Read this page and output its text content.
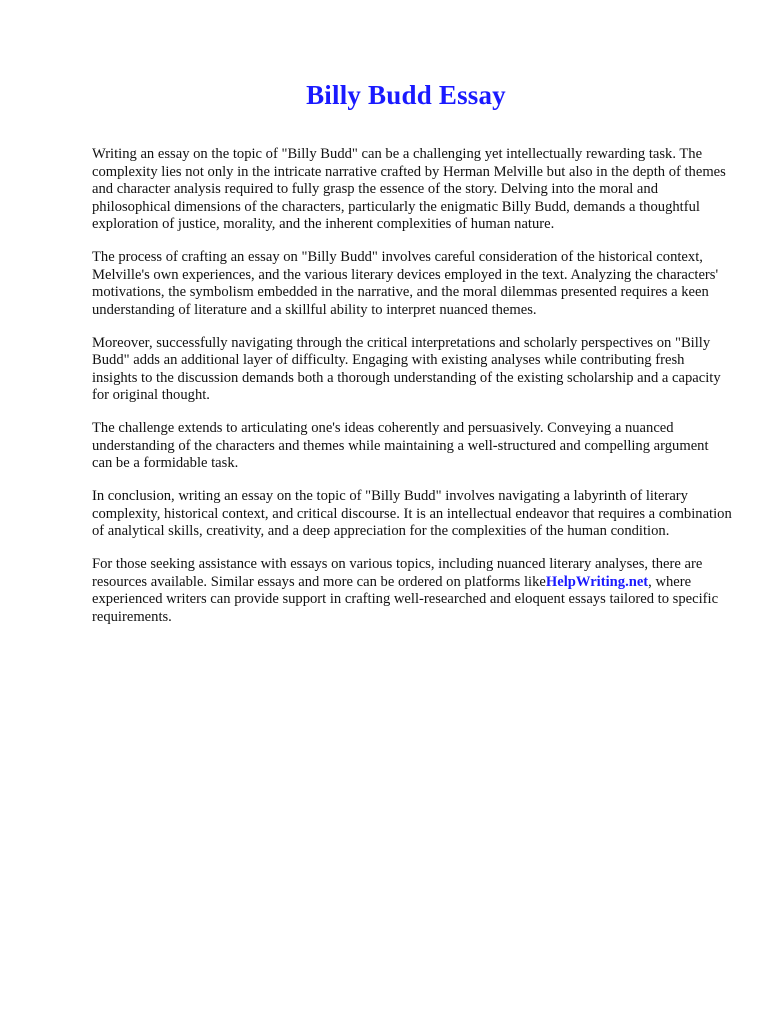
Billy Budd Essay

Writing an essay on the topic of "Billy Budd" can be a challenging yet intellectually rewarding task. The complexity lies not only in the intricate narrative crafted by Herman Melville but also in the depth of themes and character analysis required to fully grasp the essence of the story. Delving into the moral and philosophical dimensions of the characters, particularly the enigmatic Billy Budd, demands a thoughtful exploration of justice, morality, and the inherent complexities of human nature.

The process of crafting an essay on "Billy Budd" involves careful consideration of the historical context, Melville's own experiences, and the various literary devices employed in the text. Analyzing the characters' motivations, the symbolism embedded in the narrative, and the moral dilemmas presented requires a keen understanding of literature and a skillful ability to interpret nuanced themes.

Moreover, successfully navigating through the critical interpretations and scholarly perspectives on "Billy Budd" adds an additional layer of difficulty. Engaging with existing analyses while contributing fresh insights to the discussion demands both a thorough understanding of the existing scholarship and a capacity for original thought.

The challenge extends to articulating one's ideas coherently and persuasively. Conveying a nuanced understanding of the characters and themes while maintaining a well-structured and compelling argument can be a formidable task.

In conclusion, writing an essay on the topic of "Billy Budd" involves navigating a labyrinth of literary complexity, historical context, and critical discourse. It is an intellectual endeavor that requires a combination of analytical skills, creativity, and a deep appreciation for the complexities of the human condition.

For those seeking assistance with essays on various topics, including nuanced literary analyses, there are resources available. Similar essays and more can be ordered on platforms likeHelpWriting.net, where experienced writers can provide support in crafting well-researched and eloquent essays tailored to specific requirements.
